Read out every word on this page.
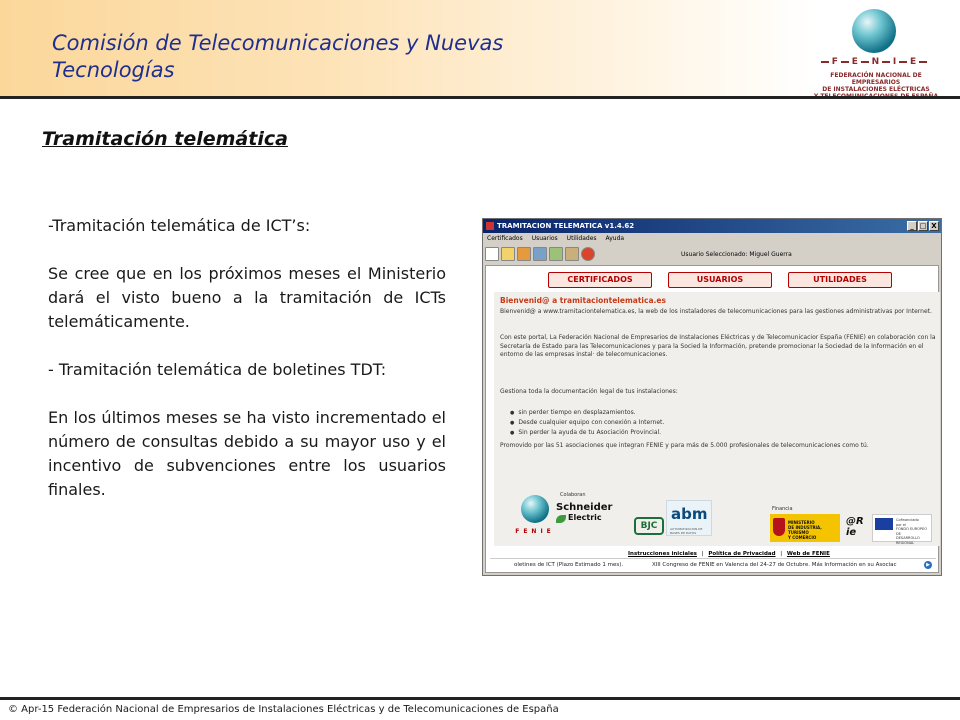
Comisión de Telecomunicaciones y Nuevas Tecnologías	F E N I E
FEDERACIÓN NACIONAL DE EMPRESARIOS
DE INSTALACIONES ELÉCTRICAS
Tramitación telemática

-Tramitación telemática de ICT’s:

Se cree que en los próximos meses el Ministerio dará el visto bueno a la tramitación de ICTs telemáticamente.

- Tramitación telemática de boletines TDT:

En los últimos meses se ha visto incrementado el número de consultas debido a su mayor uso y el incentivo de subvenciones entre los usuarios finales.

TRAMITACION TELEMATICA v1.4.62	_ □ X
Certificados Usuarios Utilidades Ayuda
Usuario Seleccionado: Miguel Guerra
CERTIFICADOS	USUARIOS	UTILIDADES
Bienvenid@ a tramitaciontelematica.es
Bienvenid@ a www.tramitaciontelematica.es, la web de los instaladores de telecomunicaciones para las gestiones administrativas por Internet.
Con este portal, La Federación Nacional de Empresarios de Instalaciones Eléctricas y de Telecomunicacior España (FENIE) en colaboración con la Secretaría de Estado para las Telecomunicaciones y para la Socied la Información, pretende promocionar la Sociedad de la Información en el entorno de las empresas instal· de telecomunicaciones.
Gestiona toda la documentación legal de tus instalaciones:
● sin perder tiempo en desplazamientos.
● Desde cualquier equipo con conexión a Internet.
● Sin perder la ayuda de tu Asociación Provincial.
Promovido por las 51 asociaciones que integran FENIE y para más de 5.000 profesionales de telecomunicaciones como tú.
Colaboran
Financia
FENIE
Schneider
Electric
BJC
abm
AUTOMATIZACIÓN DE BASES DE DATOS
MINISTERIO
DE INDUSTRIA, TURISMO
Y COMERCIO
@R ie
Cofinanciado
por el
FONDO EUROPEO DE
DESARROLLO REGIONAL
Instrucciones iniciales | Política de Privacidad | Web de FENIE
oletines de ICT (Plazo Estimado 1 mes).	XIII Congreso de FENIE en Valencia del 24-27 de Octubre. Más Información en su Asociac	▶
© Apr-15 Federación Nacional de Empresarios de Instalaciones Eléctricas y de Telecomunicaciones de España
